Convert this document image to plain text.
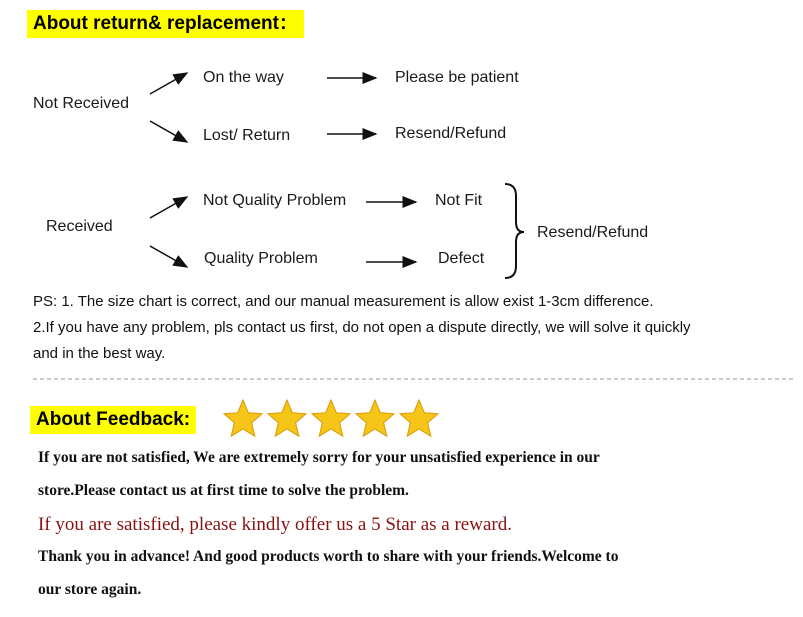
About return& replacement：
Not Received
On the way	Please be patient
Lost/ Return	Resend/Refund
Received
Not Quality Problem	Not Fit
Quality Problem	Defect
Resend/Refund
PS: 1. The size chart is correct, and our manual measurement is allow exist 1-3cm difference.
2.If you have any problem, pls contact us first, do not open a dispute directly, we will solve it quickly
and in the best way.
About Feedback:
If you are not satisfied, We are extremely sorry for your unsatisfied experience in our
store.Please contact us at first time to solve the problem.
If you are satisfied, please kindly offer us a 5 Star as a reward.
Thank you in advance! And good products worth to share with your friends.Welcome to
our store again.
